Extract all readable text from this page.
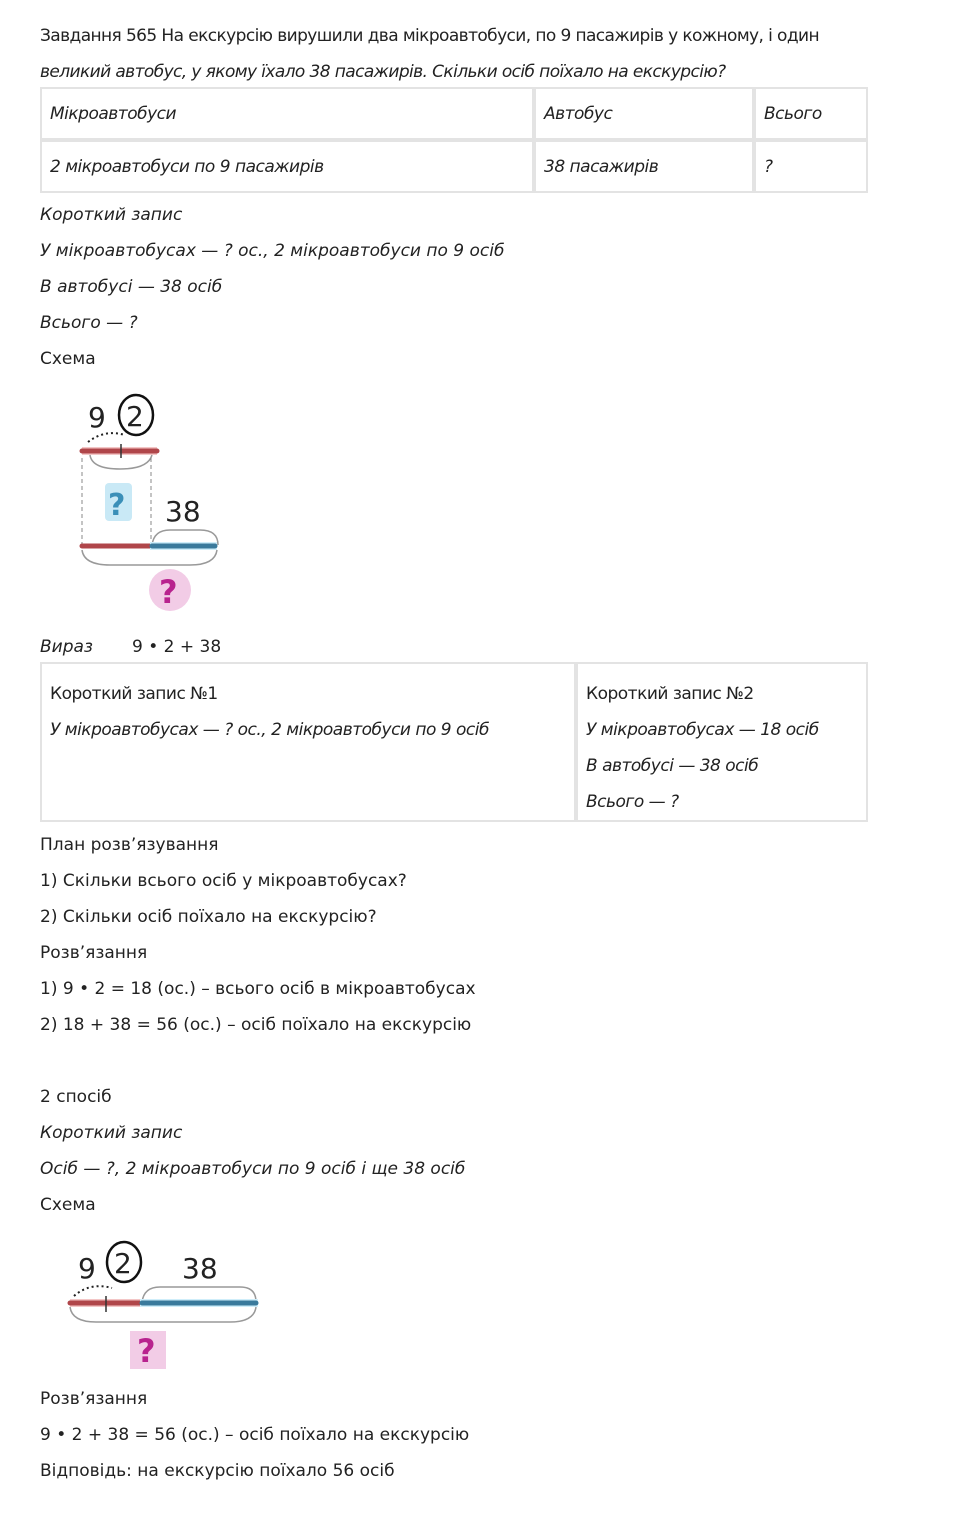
Завдання 565 На екскурсію вирушили два мікроавтобуси, по 9 пасажирів у кожному, і один
великий автобус, у якому їхало 38 пасажирів. Скільки осіб поїхало на екскурсію?
Мікроавтобуси	Автобус	Всього
2 мікроавтобуси по 9 пасажирів	38 пасажирів	?
Короткий запис
У мікроавтобусах — ? ос., 2 мікроавтобуси по 9 осіб
В автобусі — 38 осіб
Всього — ?
Схема
9 2
? 38
?
Вираз 9 • 2 + 38
Короткий запис №1
У мікроавтобусах — ? ос., 2 мікроавтобуси по 9 осіб

Короткий запис №2
У мікроавтобусах — 18 осіб
В автобусі — 38 осіб
Всього — ?
План розв’язування
1) Скільки всього осіб у мікроавтобусах?
2) Скільки осіб поїхало на екскурсію?
Розв’язання
1) 9 • 2 = 18 (ос.) – всього осіб в мікроавтобусах
2) 18 + 38 = 56 (ос.) – осіб поїхало на екскурсію
2 спосіб
Короткий запис
Осіб — ?, 2 мікроавтобуси по 9 осіб і ще 38 осіб
Схема
9 2 38
?
Розв’язання
9 • 2 + 38 = 56 (ос.) – осіб поїхало на екскурсію
Відповідь: на екскурсію поїхало 56 осіб
